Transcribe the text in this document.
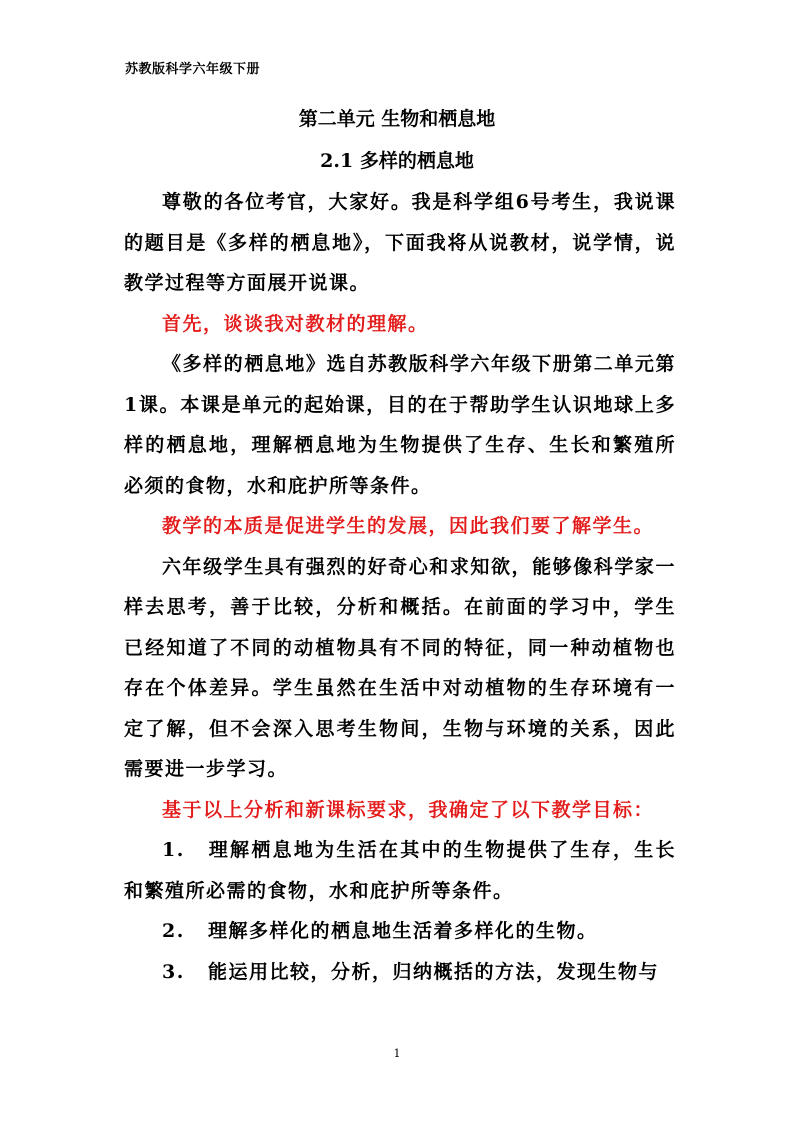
苏教版科学六年级下册
第二单元 生物和栖息地
2.1 多样的栖息地

尊敬的各位考官，大家好。我是科学组6号考生，我说课的题目是《多样的栖息地》，下面我将从说教材，说学情，说教学过程等方面展开说课。

首先，谈谈我对教材的理解。

《多样的栖息地》选自苏教版科学六年级下册第二单元第1课。本课是单元的起始课，目的在于帮助学生认识地球上多样的栖息地，理解栖息地为生物提供了生存、生长和繁殖所必须的食物，水和庇护所等条件。

教学的本质是促进学生的发展，因此我们要了解学生。

六年级学生具有强烈的好奇心和求知欲，能够像科学家一样去思考，善于比较，分析和概括。在前面的学习中，学生已经知道了不同的动植物具有不同的特征，同一种动植物也存在个体差异。学生虽然在生活中对动植物的生存环境有一定了解，但不会深入思考生物间，生物与环境的关系，因此需要进一步学习。

基于以上分析和新课标要求，我确定了以下教学目标：

1. 理解栖息地为生活在其中的生物提供了生存，生长和繁殖所必需的食物，水和庇护所等条件。

2. 理解多样化的栖息地生活着多样化的生物。

3. 能运用比较，分析，归纳概括的方法，发现生物与

1
